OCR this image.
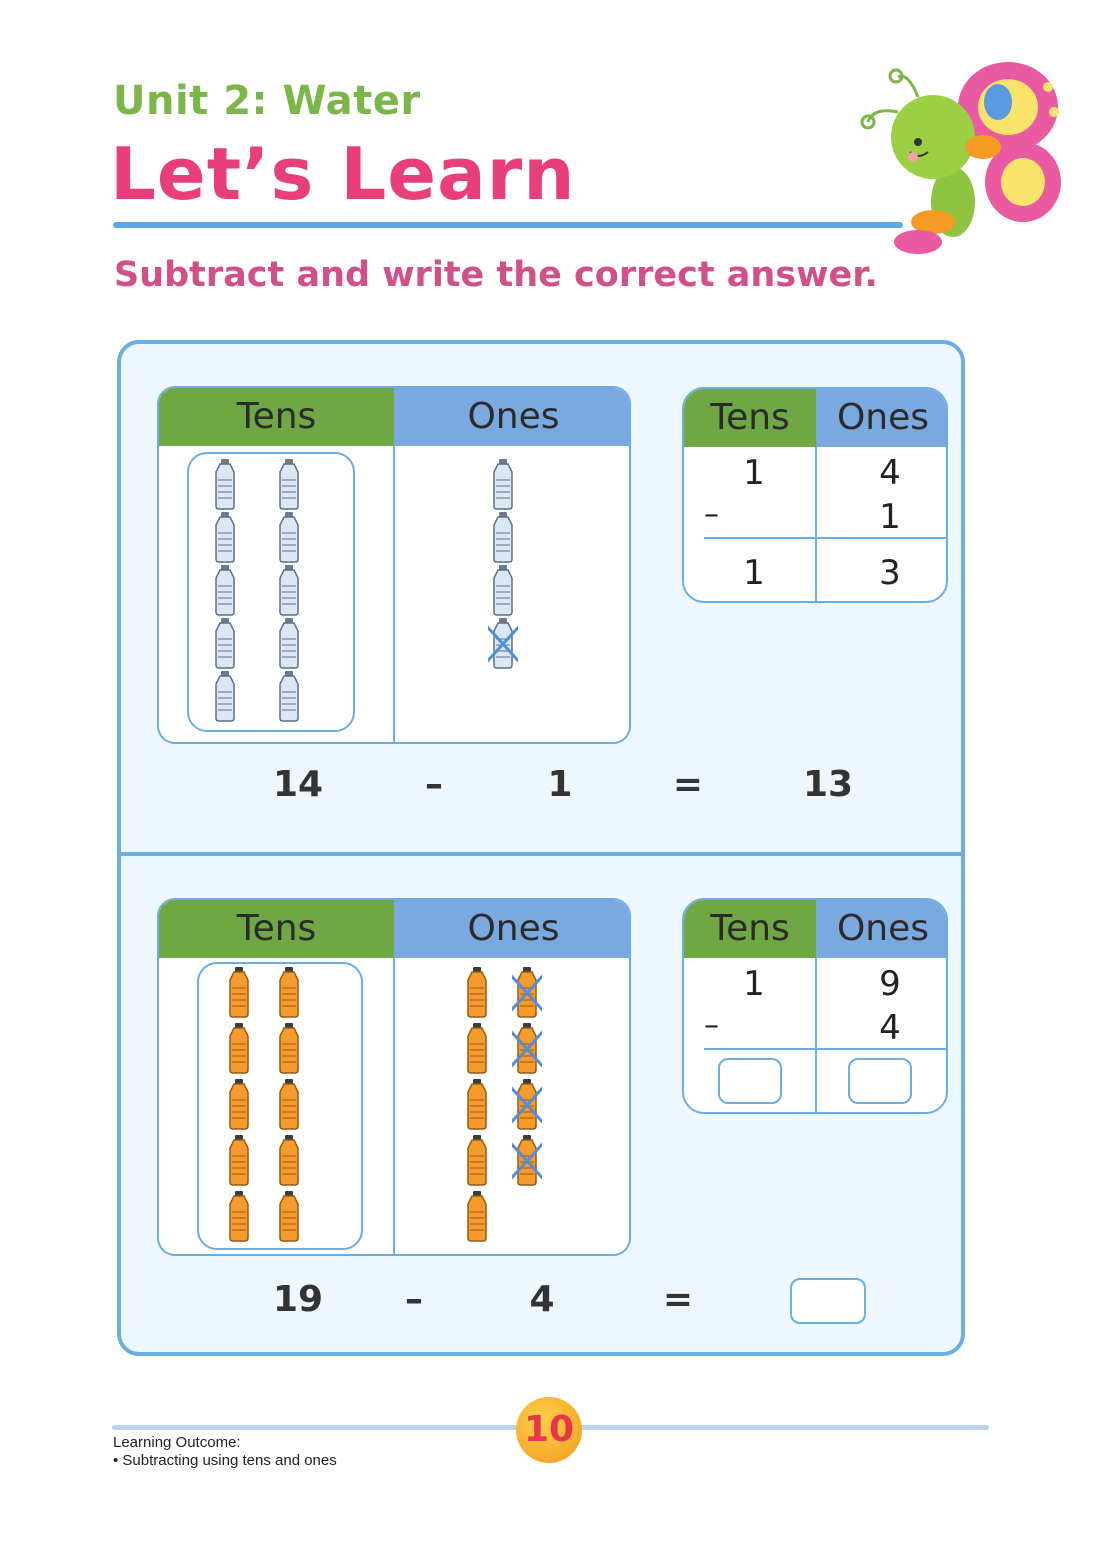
Unit 2: Water
Let’s Learn
Subtract and write the correct answer.
Tens	Ones	Tens	Ones
1	4
–	1
1	3
14	–	1	=	13
Tens	Ones	Tens	Ones
1	9
–	4
19	–	4	=
10
Learning Outcome:
• Subtracting using tens and ones
